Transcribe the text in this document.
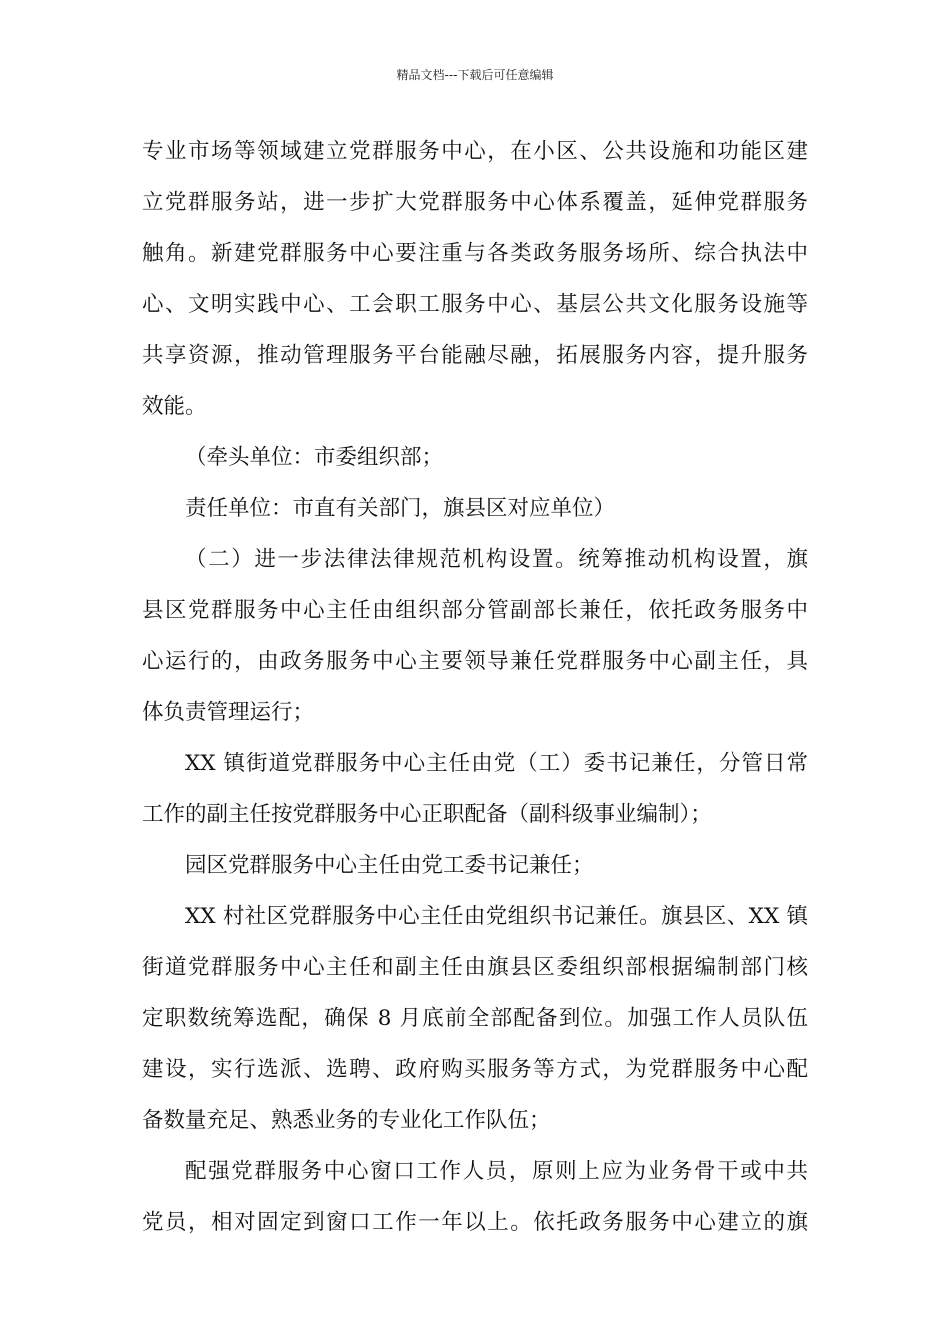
精品文档---下载后可任意编辑
专业市场等领域建立党群服务中心，在小区、公共设施和功能区建
立党群服务站，进一步扩大党群服务中心体系覆盖，延伸党群服务
触角。新建党群服务中心要注重与各类政务服务场所、综合执法中
心、文明实践中心、工会职工服务中心、基层公共文化服务设施等
共享资源，推动管理服务平台能融尽融，拓展服务内容，提升服务
效能。
（牵头单位：市委组织部；
责任单位：市直有关部门，旗县区对应单位）
（二）进一步法律法律规范机构设置。统筹推动机构设置，旗
县区党群服务中心主任由组织部分管副部长兼任，依托政务服务中
心运行的，由政务服务中心主要领导兼任党群服务中心副主任，具
体负责管理运行；
XX 镇街道党群服务中心主任由党（工）委书记兼任，分管日常
工作的副主任按党群服务中心正职配备（副科级事业编制）；
园区党群服务中心主任由党工委书记兼任；
XX 村社区党群服务中心主任由党组织书记兼任。旗县区、XX 镇
街道党群服务中心主任和副主任由旗县区委组织部根据编制部门核
定职数统筹选配，确保 8 月底前全部配备到位。加强工作人员队伍
建设，实行选派、选聘、政府购买服务等方式，为党群服务中心配
备数量充足、熟悉业务的专业化工作队伍；
配强党群服务中心窗口工作人员，原则上应为业务骨干或中共
党员，相对固定到窗口工作一年以上。依托政务服务中心建立的旗
